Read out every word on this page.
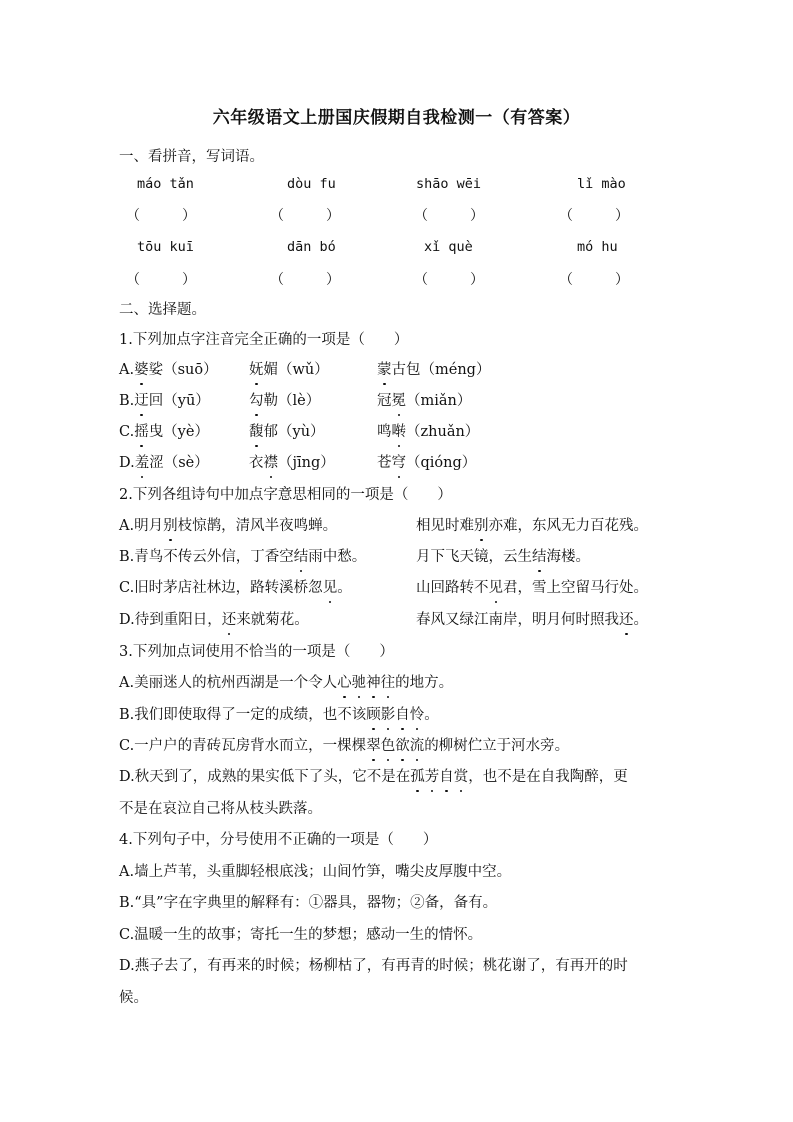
六年级语文上册国庆假期自我检测一（有答案）
一、看拼音，写词语。
máo tǎn	dòu fu	shāo wēi	lǐ mào
（　　　）	（　　　）	（　　　）	（　　　）
tōu kuī	dān bó	xǐ què	mó hu
（　　　）	（　　　）	（　　　）	（　　　）
二、选择题。
1.下列加点字注音完全正确的一项是（　　）
A.婆娑（suō） 妩媚（wǔ）	蒙古包（méng）
B.迂回（yū）	勾勒（lè）	冠冕（miǎn）
C.摇曳（yè）	馥郁（yù）	鸣啭（zhuǎn）
D.羞涩（sè）	衣襟（jīng）	苍穹（qióng）
2.下列各组诗句中加点字意思相同的一项是（　　）
A.明月别枝惊鹊，清风半夜鸣蝉。	相见时难别亦难，东风无力百花残。
B.青鸟不传云外信，丁香空结雨中愁。	月下飞天镜，云生结海楼。
C.旧时茅店社林边，路转溪桥忽见。	山回路转不见君，雪上空留马行处。
D.待到重阳日，还来就菊花。	春风又绿江南岸，明月何时照我还。
3.下列加点词使用不恰当的一项是（　　）
A.美丽迷人的杭州西湖是一个令人心驰神往的地方。
B.我们即使取得了一定的成绩，也不该顾影自怜。
C.一户户的青砖瓦房背水而立，一棵棵翠色欲流的柳树伫立于河水旁。
D.秋天到了，成熟的果实低下了头，它不是在孤芳自赏，也不是在自我陶醉，更
不是在哀泣自己将从枝头跌落。
4.下列句子中，分号使用不正确的一项是（　　）
A.墙上芦苇，头重脚轻根底浅；山间竹笋，嘴尖皮厚腹中空。
B.“具”字在字典里的解释有：①器具，器物；②备，备有。
C.温暖一生的故事；寄托一生的梦想；感动一生的情怀。
D.燕子去了，有再来的时候；杨柳枯了，有再青的时候；桃花谢了，有再开的时
候。
